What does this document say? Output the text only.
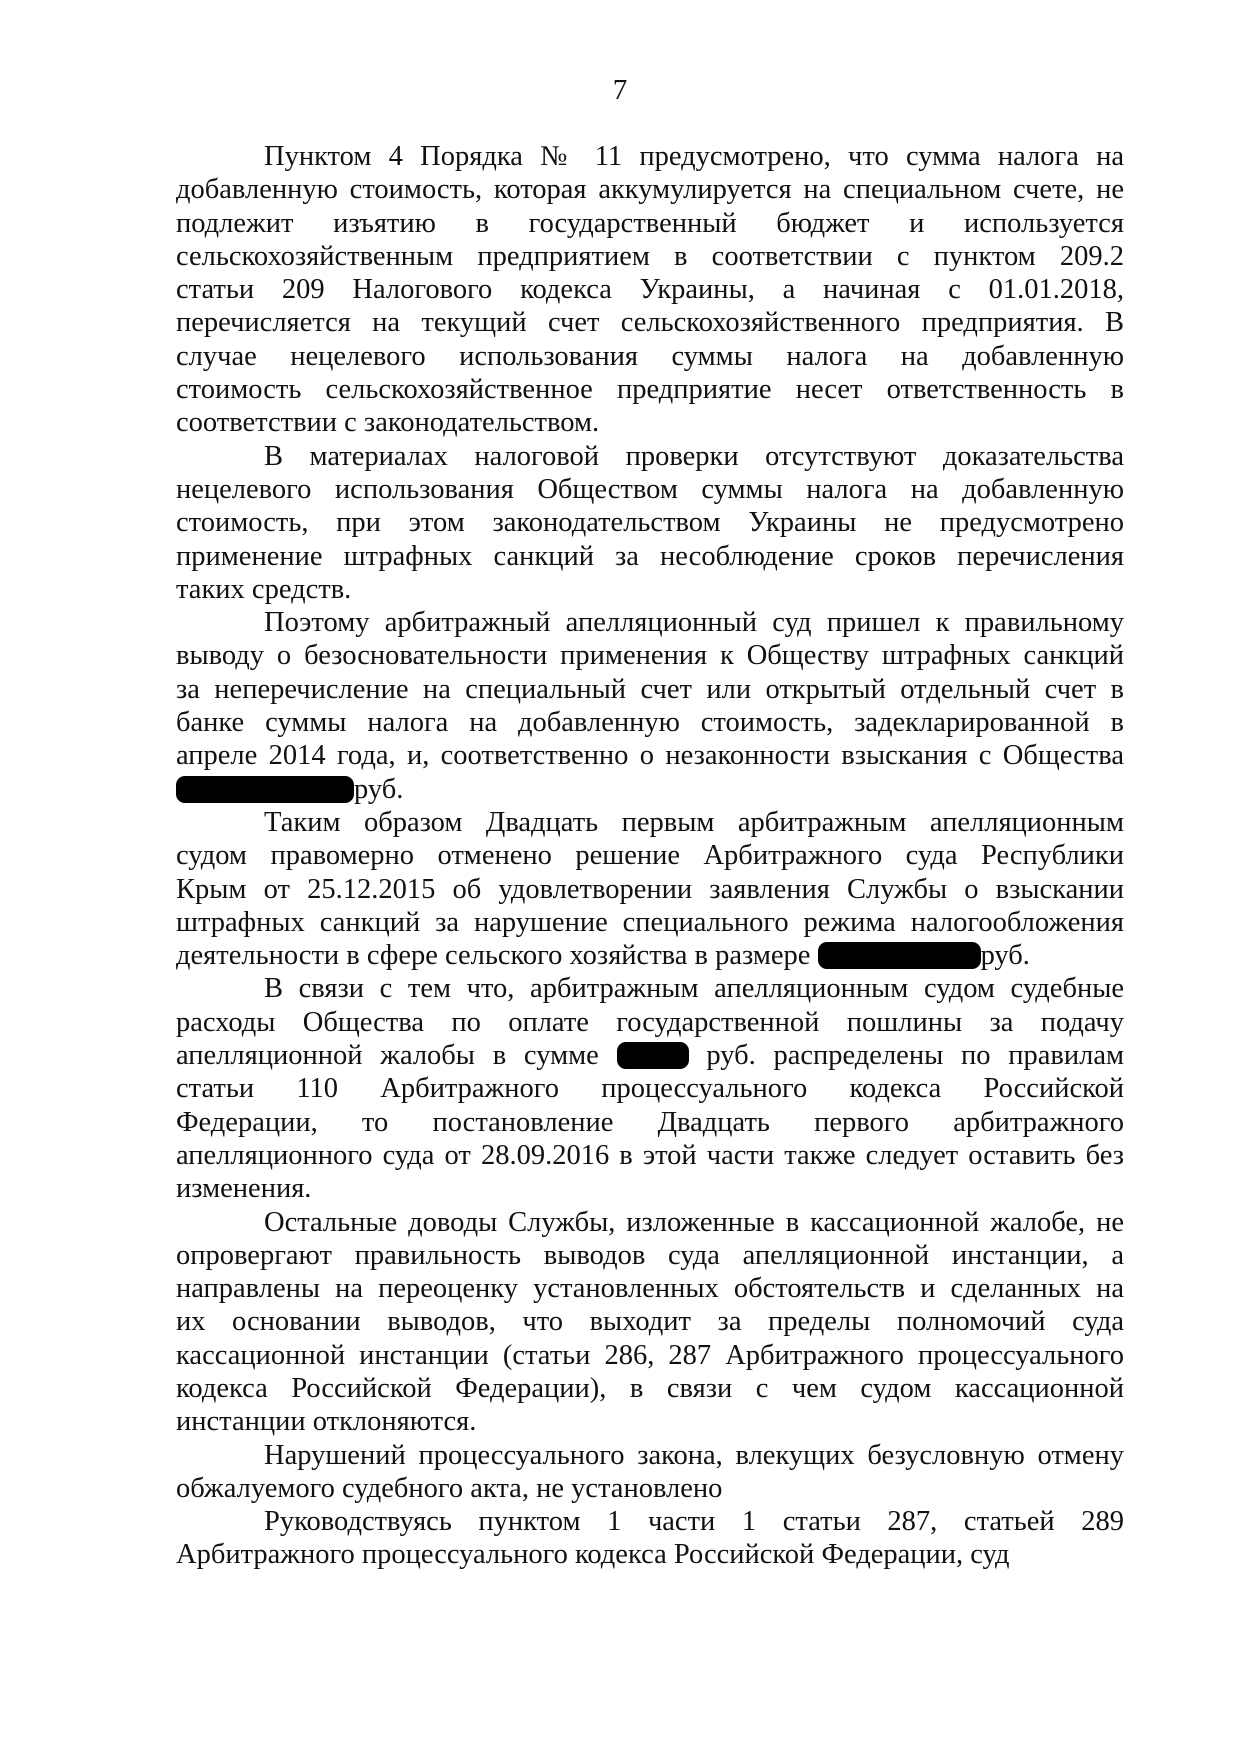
7
Пунктом 4 Порядка № 11 предусмотрено, что сумма налога на
добавленную стоимость, которая аккумулируется на специальном счете, не
подлежит изъятию в государственный бюджет и используется
сельскохозяйственным предприятием в соответствии с пунктом 209.2
статьи 209 Налогового кодекса Украины, а начиная с 01.01.2018,
перечисляется на текущий счет сельскохозяйственного предприятия. В
случае нецелевого использования суммы налога на добавленную
стоимость сельскохозяйственное предприятие несет ответственность в
соответствии с законодательством.
В материалах налоговой проверки отсутствуют доказательства
нецелевого использования Обществом суммы налога на добавленную
стоимость, при этом законодательством Украины не предусмотрено
применение штрафных санкций за несоблюдение сроков перечисления
таких средств.
Поэтому арбитражный апелляционный суд пришел к правильному
выводу о безосновательности применения к Обществу штрафных санкций
за неперечисление на специальный счет или открытый отдельный счет в
банке суммы налога на добавленную стоимость, задекларированной в
апреле 2014 года, и, соответственно о незаконности взыскания с Общества
руб.
Таким образом Двадцать первым арбитражным апелляционным
судом правомерно отменено решение Арбитражного суда Республики
Крым от 25.12.2015 об удовлетворении заявления Службы о взыскании
штрафных санкций за нарушение специального режима налогообложения
деятельности в сфере сельского хозяйства в размере	руб.
В связи с тем что, арбитражным апелляционным судом судебные
расходы Общества по оплате государственной пошлины за подачу
апелляционной жалобы в сумме	руб. распределены по правилам
статьи 110 Арбитражного процессуального кодекса Российской
Федерации, то постановление Двадцать первого арбитражного
апелляционного суда от 28.09.2016 в этой части также следует оставить без
изменения.
Остальные доводы Службы, изложенные в кассационной жалобе, не
опровергают правильность выводов суда апелляционной инстанции, а
направлены на переоценку установленных обстоятельств и сделанных на
их основании выводов, что выходит за пределы полномочий суда
кассационной инстанции (статьи 286, 287 Арбитражного процессуального
кодекса Российской Федерации), в связи с чем судом кассационной
инстанции отклоняются.
Нарушений процессуального закона, влекущих безусловную отмену
обжалуемого судебного акта, не установлено
Руководствуясь пунктом 1 части 1 статьи 287, статьей 289
Арбитражного процессуального кодекса Российской Федерации, суд
